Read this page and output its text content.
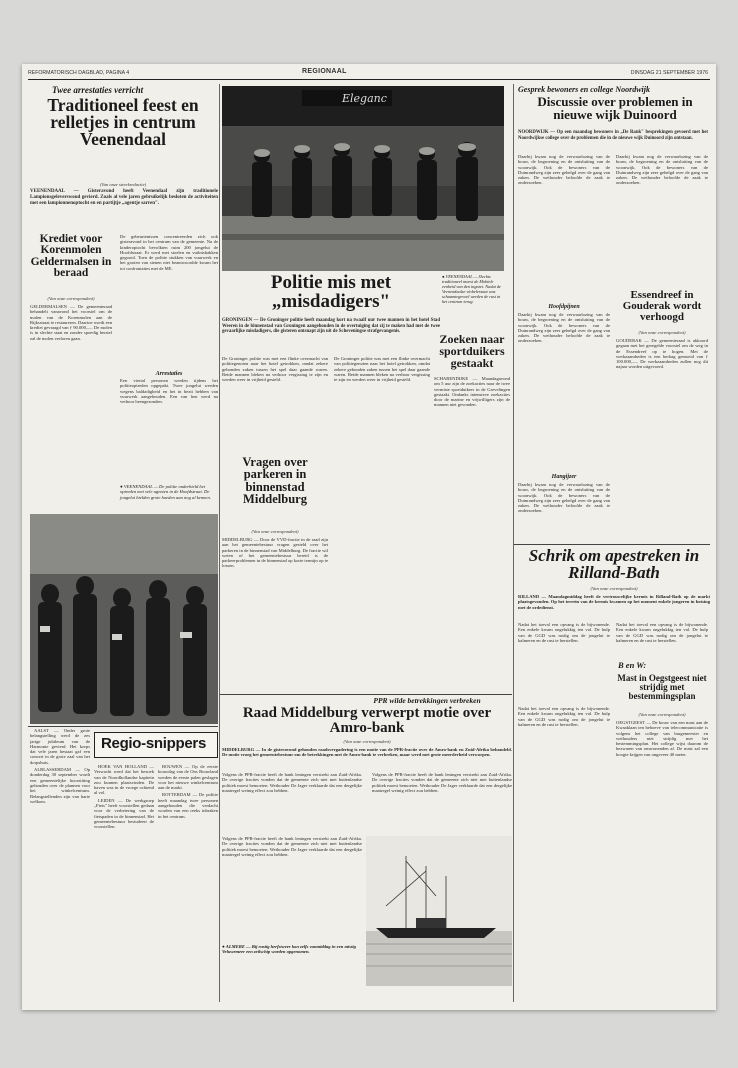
REFORMATORISCH DAGBLAD, PAGINA 4	REGIONAAL	DINSDAG 21 SEPTEMBER 1976
Twee arrestaties verricht
Traditioneel feest en relletjes in centrum Veenendaal
(Van onze streekredactie)
VEENENDAAL — Gisteravond heeft Veenendaal zijn traditionele Lampionsgeleverswoud gevierd. Zoals al vele jaren gebruikelijk besloten de activiteiten met een lampionnenoptocht en en partijtje „agentje sarren".
Krediet voor Korenmolen Geldermalsen in beraad
(Van onze correspondent)
GELDERMALSEN — De gemeenteraad behandelt vanavond het voorstel om de molen van de Korenmolen aan de Rijksstraat te restaureren. Daartoe wordt een krediet gevraagd van ƒ 90.000,—. De molen is in slechte staat en zonder spoedig herstel zal de molen verloren gaan.
De gebeurtenissen concentreerden zich ook gisteravond in het centrum van de gemeente. Na de kinderoptocht bevolkten ruim 200 jongelui de Hoofdstraat. Er werd met stoelen en vuilnisbakken gegooid. Toen de politie stukken van vuurwerk en het gooien van stenen niet beantwoordde kwam het tot confrontaties met de ME.
Arrestaties
Een viertal personen werden tijdens het politieoptreden opgepakt. Twee jongelui werden wegens baldadigheid en het in bezit hebben van vuurwerk aangehouden. Een van hen werd na verhoor heengezonden.
● VEENENDAAL — De politie onderhield het optreden met vele agenten in de Hoofdstraat. De jongelui hielden grote hoeden aan nog al kennen.
Eleganc
● VEENENDAAL — Slechts traditioneel moest de Mobiele eenheid van den ingezet. Nadat de Veenendaalse viobelerzaat was schaamtegevoel werden de rust in het centrum terug.
Politie mis met „misdadigers"
GRONINGEN — De Groninger politie heeft maandag kort na twaalf uur twee mannen in het hotel Stad Weeren in de binnenstad van Groningen aangehouden in de overtuiging dat zij te maken had met de twee gevaarlijke misdadigers, die gisteren ontsnapt zijn uit de Scheveningse strafgevangenis.
De Groninger politie was met een flinke overmacht van politiegenoten naar het hotel getrokken, omdat zekere gebonden zaken tussen het spel daar gaande waren. Beide mannen bleken na verhoor vergissing te zijn en werden weer in vrijheid gesteld.
Zoeken naar sportduikers gestaakt
SCHARENDIJKE — Maandagavond om 5 uur zijn de zoekacties naar de twee vermiste sportduikers in de Grevelingen gestaakt. Ondanks intensieve zoekacties door de marine en vrijwilligers zijn de mannen niet gevonden.
Vragen over parkeren in binnenstad Middelburg
(Van onze correspondent)
MIDDELBURG — Door de VVD-fractie in de raad zijn aan het gemeentebestuur vragen gesteld over het parkeren in de binnenstad van Middelburg. De fractie wil weten of het gemeentebestuur bereid is de parkeerproblemen in de binnenstad op korte termijn op te lossen.
De Groninger politie was met een flinke overmacht van politiegenoten naar het hotel getrokken, omdat zekere gebonden zaken tussen het spel daar gaande waren. Beide mannen bleken na verhoor vergissing te zijn en werden weer in vrijheid gesteld.
Gesprek bewoners en college Noordwijk
Discussie over problemen in nieuwe wijk Duinoord
NOORDWIJK — Op een maandag bewoners in „De Rank" besprekingen gevoerd met het Noordwijkse college over de problemen die in de nieuwe wijk Duinoord zijn ontstaan.
Daarbij kwam nog de verwaarlozing van de bouw, de begroening en de ontsluiting van de woonwijk. Ook de bewoners van de Duinrandweg zijn zeer gebelgd over de gang van zaken. De wethouder beloofde de zaak te onderzoeken.
Hoofdpijnen
Daarbij kwam nog de verwaarlozing van de bouw, de begroening en de ontsluiting van de woonwijk. Ook de bewoners van de Duinrandweg zijn zeer gebelgd over de gang van zaken. De wethouder beloofde de zaak te onderzoeken.
Hangijzer
Daarbij kwam nog de verwaarlozing van de bouw, de begroening en de ontsluiting van de woonwijk. Ook de bewoners van de Duinrandweg zijn zeer gebelgd over de gang van zaken. De wethouder beloofde de zaak te onderzoeken.
Daarbij kwam nog de verwaarlozing van de bouw, de begroening en de ontsluiting van de woonwijk. Ook de bewoners van de Duinrandweg zijn zeer gebelgd over de gang van zaken. De wethouder beloofde de zaak te onderzoeken.
Essendreef in Gouderak wordt verhoogd
(Van onze correspondent)
GOUDERAK — De gemeenteraad is akkoord gegaan met het geregelde voorstel om de weg in de Essendreef op te hogen. Met de werkzaamheden is een bedrag gemoeid van ƒ 100.000,—. De werkzaamheden zullen nog dit najaar worden uitgevoerd.
Schrik om apestreken in Rilland-Bath
(Van onze correspondent)
RILLAND — Maandagmiddag heeft de vertrouwelijke kermis in Rilland-Bath op de markt plaatsgevonden. Op het terrein van de kermis kwamen op het moment enkele jongeren in botsing met de ordedienst.
Nadat het toeval een opvang is de bijwonende. Een enkele kwam ongelukkig ten val. De hulp van de GGD was nodig om de jongelui te kalmeren en de rust te herstellen.
Nadat het toeval een opvang is de bijwonende. Een enkele kwam ongelukkig ten val. De hulp van de GGD was nodig om de jongelui te kalmeren en de rust te herstellen.
B en W:
Mast in Oegstgeest niet strijdig met bestemmingsplan
(Van onze correspondent)
OEGSTGEEST — De bouw van een mast aan de Kwaaklaan ten behoeve van telecommunicatie is volgens het college van burgemeester en wethouders niet strijdig met het bestemmingsplan. Het college wijst daarom de bezwaren van omwonenden af. De mast zal een hoogte krijgen van ongeveer 40 meter.
Nadat het toeval een opvang is de bijwonende. Een enkele kwam ongelukkig ten val. De hulp van de GGD was nodig om de jongelui te kalmeren en de rust te herstellen.
PPR wilde betrekkingen verbreken
Raad Middelburg verwerpt motie over Amro-bank
(Van onze correspondent)
MIDDELBURG — In de gisteravond gehouden raadsvergadering is een motie van de PPR-fractie over de Amro-bank en Zuid-Afrika behandeld. De motie vroeg het gemeentebestuur om de betrekkingen met de Amro-bank te verbreken, maar werd met grote meerderheid verworpen.
Volgens de PPR-fractie heeft de bank leningen verstrekt aan Zuid-Afrika. De overige fracties vonden dat de gemeente zich niet met buitenlandse politiek moest bemoeien. Wethouder De Jager verklaarde dat een dergelijke maatregel weinig effect zou hebben.
Volgens de PPR-fractie heeft de bank leningen verstrekt aan Zuid-Afrika. De overige fracties vonden dat de gemeente zich niet met buitenlandse politiek moest bemoeien. Wethouder De Jager verklaarde dat een dergelijke maatregel weinig effect zou hebben.
● ALMERE — Bij rustig herfstweer kon zelfs vanmiddag in een mistig Veluwemeer een zeilschip worden opgenomen.
Volgens de PPR-fractie heeft de bank leningen verstrekt aan Zuid-Afrika. De overige fracties vonden dat de gemeente zich niet met buitenlandse politiek moest bemoeien. Wethouder De Jager verklaarde dat een dergelijke maatregel weinig effect zou hebben.

AALST — Onder grote belangstelling werd de zes jarige jubileum van de Harmonie gevierd. Het korps dat vele jaren bestaat gaf een concert in de grote zaal van het dorpshuis.

ALBLASSERDAM — Op donderdag 30 september wordt een gemeentelijke hoorzitting gehouden over de plannen voor het winkelcentrum. Belangstellenden zijn van harte welkom.

Regio-snippers

HOEK VAN HOLLAND — Verwacht werd dat het bezoek van de Noordhollandse kapitein zou kunnen plaatsvinden. De haven was in de vroege ochtend al vol.

LEIDEN — De werkgroep „Fiets" heeft voorstellen gedaan voor de verbetering van de fietspaden in de binnenstad. Het gemeentebestuur bestudeert de voorstellen.

BOUWEN — Op de eerste bouwdag van de Ons Bouwland werden de eerste palen geslagen voor het nieuwe winkelcentrum aan de markt.

ROTTERDAM — De politie heeft maandag twee personen aangehouden die verdacht worden van een reeks inbraken in het centrum.
